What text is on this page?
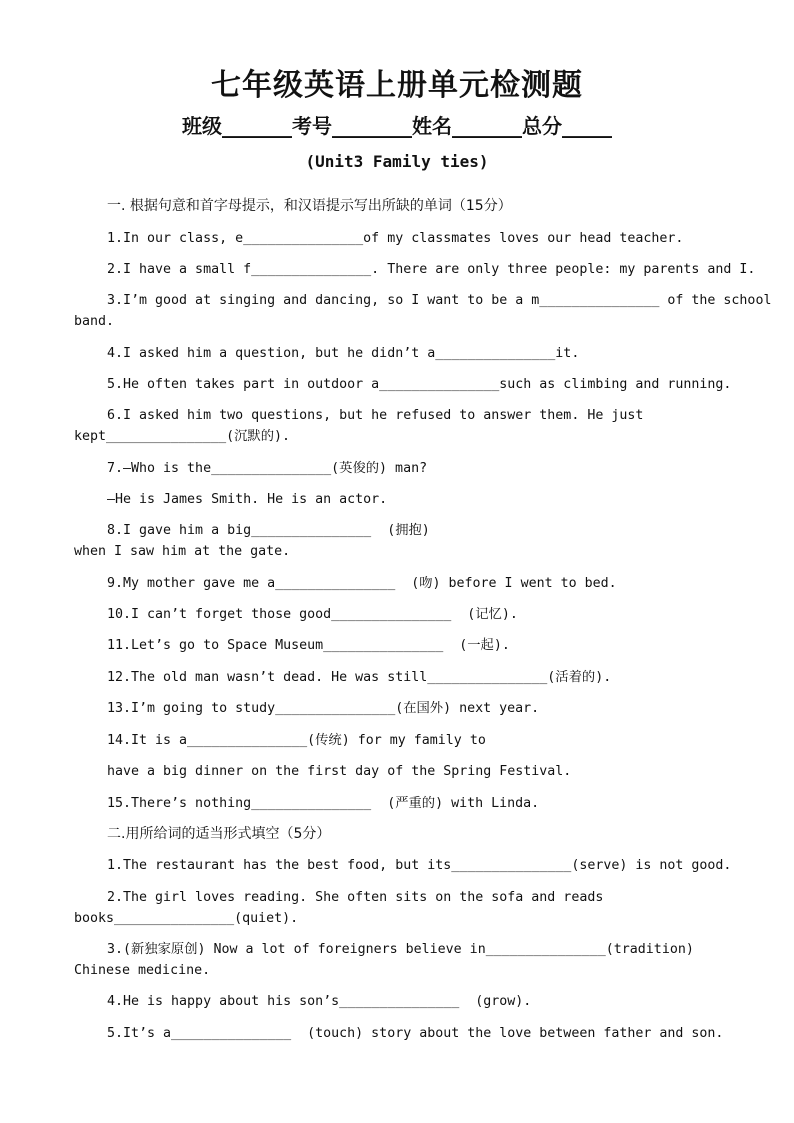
七年级英语上册单元检测题
班级_______考号________姓名_______总分_____
(Unit3 Family ties)
一. 根据句意和首字母提示，和汉语提示写出所缺的单词（15分）
1.In our class, e_______________of my classmates loves our head teacher.
2.I have a small f_______________. There are only three people: my parents and I.
3.I’m good at singing and dancing, so I want to be a m_______________ of the school
band.
4.I asked him a question, but he didn’t a_______________it.
5.He often takes part in outdoor a_______________such as climbing and running.
6.I asked him two questions, but he refused to answer them. He just
kept_______________(沉默的).
7.—Who is the_______________(英俊的) man?
—He is James Smith. He is an actor.
8.I gave him a big_______________  (拥抱)
when I saw him at the gate.
9.My mother gave me a_______________  (吻) before I went to bed.
10.I can’t forget those good_______________  (记忆).
11.Let’s go to Space Museum_______________  (一起).
12.The old man wasn’t dead. He was still_______________(活着的).
13.I’m going to study_______________(在国外) next year.
14.It is a_______________(传统) for my family to
have a big dinner on the first day of the Spring Festival.
15.There’s nothing_______________  (严重的) with Linda.
二.用所给词的适当形式填空（5分）
1.The restaurant has the best food, but its_______________(serve) is not good.
2.The girl loves reading. She often sits on the sofa and reads
books_______________(quiet).
3.(新独家原创) Now a lot of foreigners believe in_______________(tradition)
Chinese medicine.
4.He is happy about his son’s_______________  (grow).
5.It’s a_______________  (touch) story about the love between father and son.
